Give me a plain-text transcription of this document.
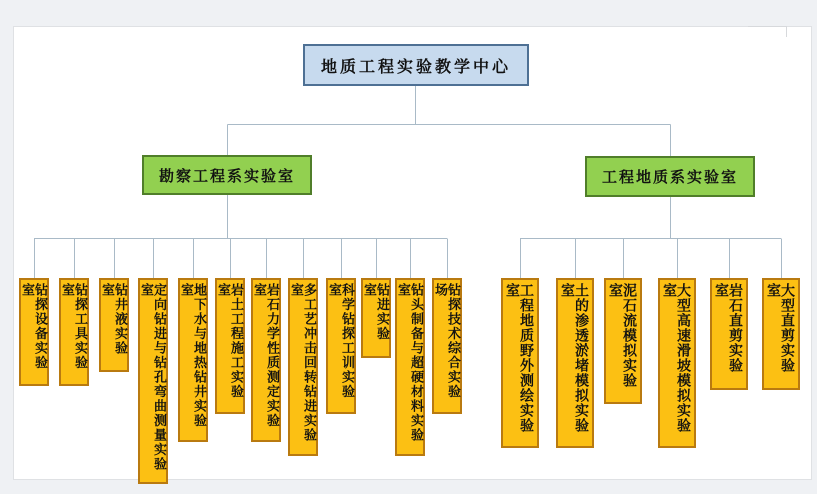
地质工程实验教学中心
勘察工程系实验室	工程地质系实验室
钻探设备实验室	钻探工具实验室	钻井液实验室	定向钻进与钻孔弯曲测量实验室	地下水与地热钻井实验室	岩土工程施工实验室	岩石力学性质测定实验室	多工艺冲击回转钻进实验室	科学钻探工训实验室	钻进实验室	钻头制备与超硬材料实验室	钻探技术综合实验场	工程地质野外测绘实验室	土的渗透淤堵模拟实验室	泥石流模拟实验室	大型高速滑坡模拟实验室	岩石直剪实验室	大型直剪实验室
